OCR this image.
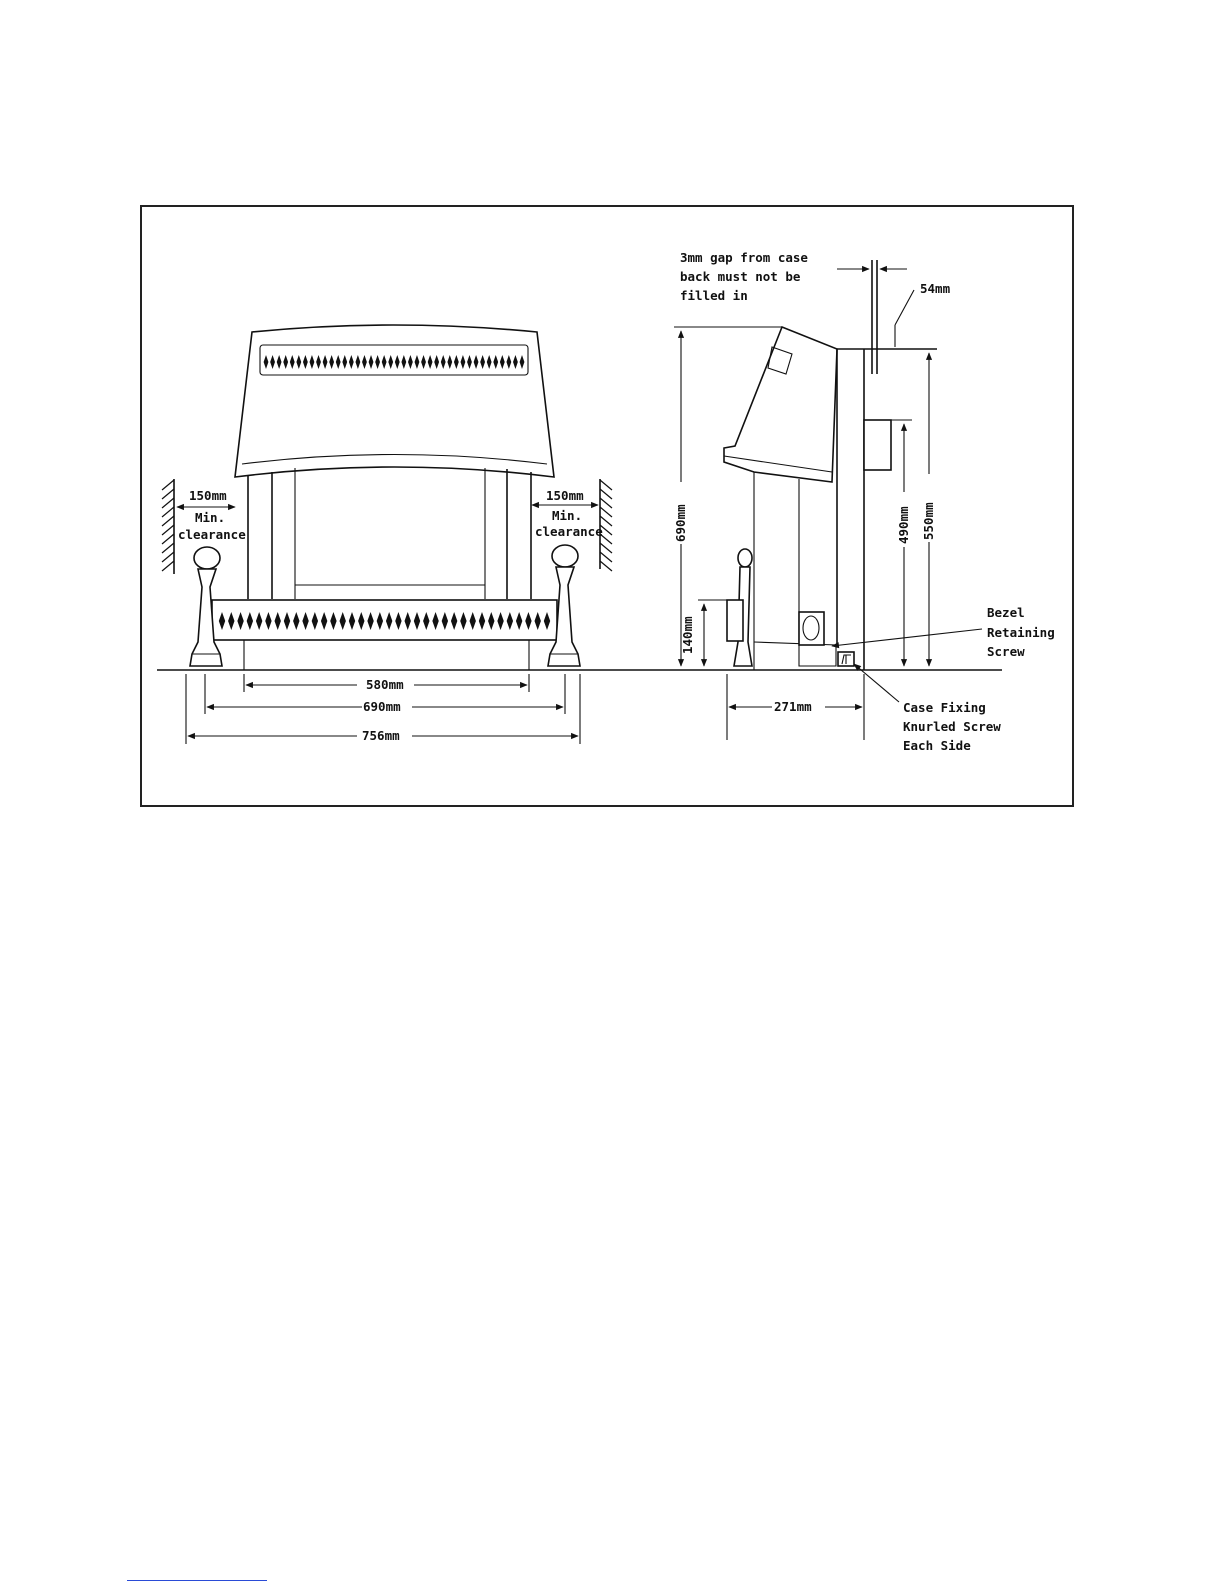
150mm
Min.
clearance
150mm
Min.
clearance
580mm
690mm
756mm
3mm gap from case
back must not be
filled in	54mm
690mm	550mm
490mm
140mm
Bezel
Retaining
Screw
Case Fixing
Knurled Screw
Each Side
271mm
